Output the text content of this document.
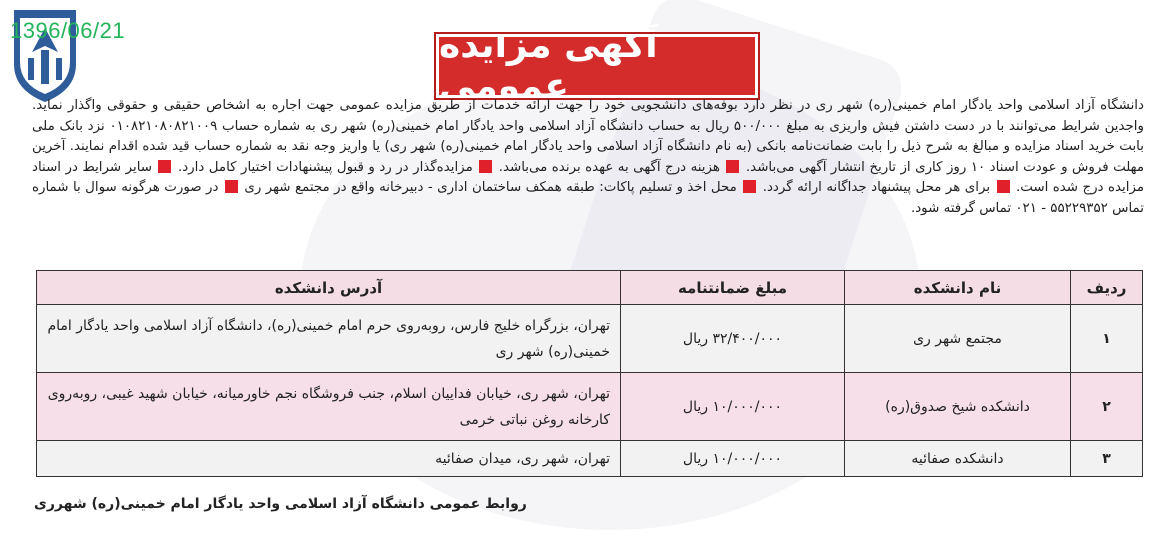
1396/06/21	آگهی مزایده عمومی

دانشگاه آزاد اسلامی واحد یادگار امام خمینی(ره) شهر ری در نظر دارد بوفه‌های دانشجویی خود را جهت ارائه خدمات از طریق مزایده عمومی جهت اجاره به اشخاص حقیقی و حقوقی واگذار نماید. واجدین شرایط می‌توانند با در دست داشتن فیش واریزی به مبلغ ۵۰۰/۰۰۰ ریال به حساب دانشگاه آزاد اسلامی واحد یادگار امام خمینی(ره) شهر ری به شماره حساب ۰۱۰۸۲۱۰۸۰۸۲۱۰۰۹ نزد بانک ملی بابت خرید اسناد مزایده و مبالغ به شرح ذیل را بابت ضمانت‌نامه بانکی (به نام دانشگاه آزاد اسلامی واحد یادگار امام خمینی(ره) شهر ری) یا واریز وجه نقد به شماره حساب قید شده اقدام نمایند. آخرین مهلت فروش و عودت اسناد ۱۰ روز کاری از تاریخ انتشار آگهی می‌باشد.  هزینه درج آگهی به عهده برنده می‌باشد.  مزایده‌گذار در رد و قبول پیشنهادات اختیار کامل دارد.  سایر شرایط در اسناد مزایده درج شده است.  برای هر محل پیشنهاد جداگانه ارائه گردد.  محل اخذ و تسلیم پاکات: طبقه همکف ساختمان اداری - دبیرخانه واقع در مجتمع شهر ری  در صورت هرگونه سوال با شماره تماس ۵۵۲۲۹۳۵۲ - ۰۲۱ تماس گرفته شود.

ردیف	نام دانشکده	مبلغ ضمانتنامه	آدرس دانشکده
۱	مجتمع شهر ری	۳۲/۴۰۰/۰۰۰ ریال	تهران، بزرگراه خلیج فارس، روبه‌روی حرم امام خمینی(ره)، دانشگاه آزاد اسلامی واحد یادگار امام خمینی(ره) شهر ری
۲	دانشکده شیخ صدوق‌(ره)	۱۰/۰۰۰/۰۰۰ ریال	تهران، شهر ری، خیابان فداییان اسلام، جنب فروشگاه نجم خاورمیانه، خیابان شهید غیبی، روبه‌روی کارخانه روغن نباتی خرمی
۳	دانشکده صفائیه	۱۰/۰۰۰/۰۰۰ ریال	تهران، شهر ری، میدان صفائیه
روابط عمومی دانشگاه آزاد اسلامی واحد یادگار امام خمینی(ره) شهرری
